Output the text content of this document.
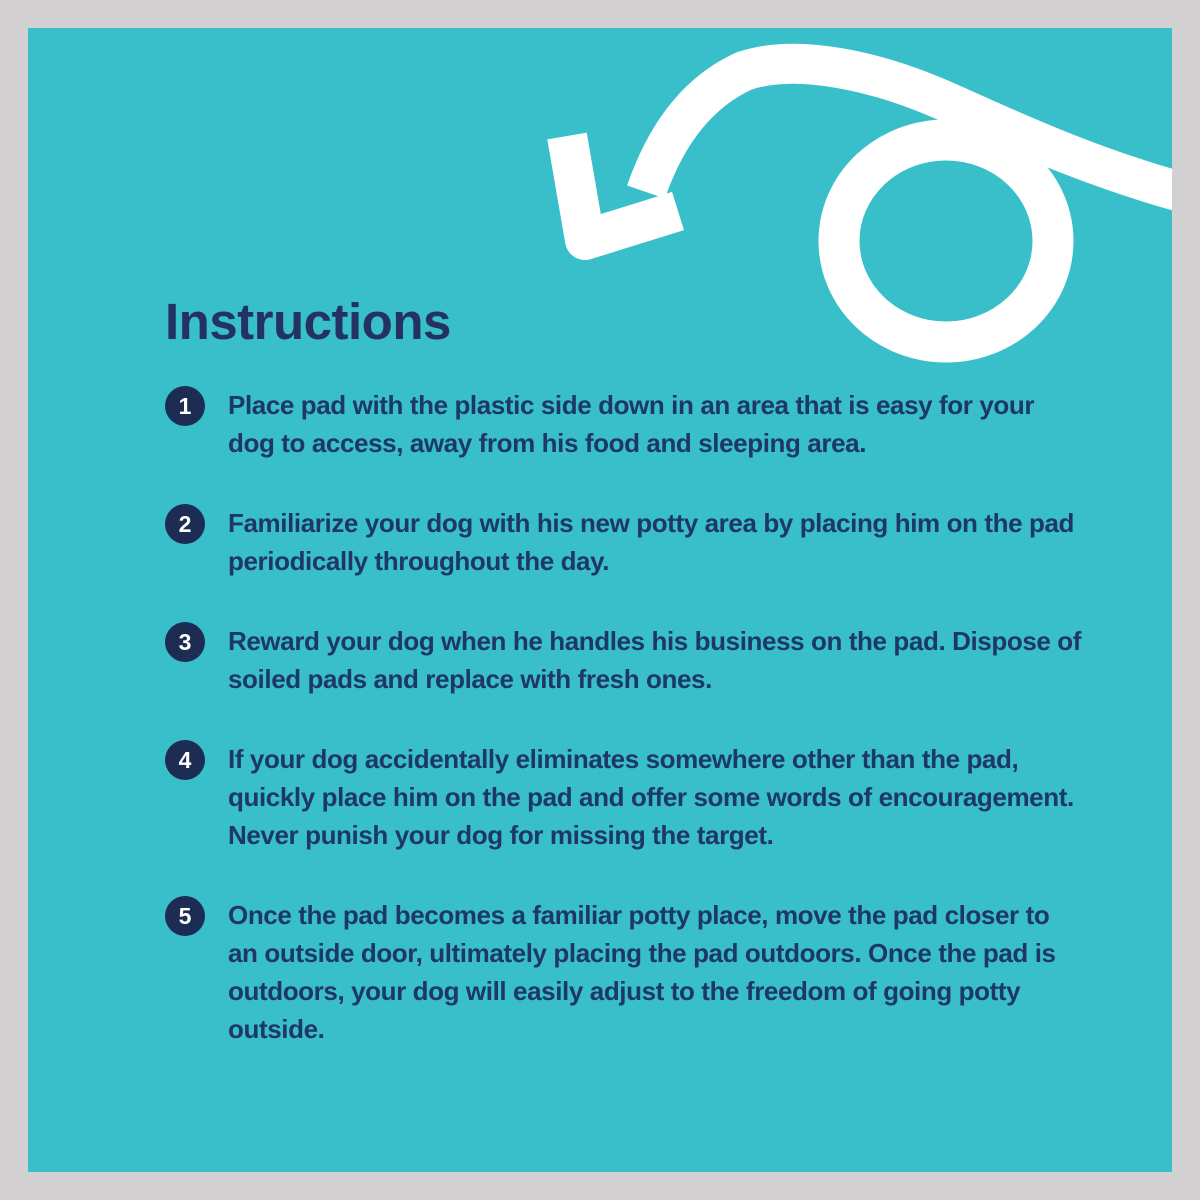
Instructions
1 Place pad with the plastic side down in an area that is easy for your dog to access, away from his food and sleeping area.

2 Familiarize your dog with his new potty area by placing him on the pad periodically throughout the day.

3 Reward your dog when he handles his business on the pad. Dispose of soiled pads and replace with fresh ones.

4 If your dog accidentally eliminates somewhere other than the pad, quickly place him on the pad and offer some words of encouragement. Never punish your dog for missing the target.

5 Once the pad becomes a familiar potty place, move the pad closer to an outside door, ultimately placing the pad outdoors. Once the pad is outdoors, your dog will easily adjust to the freedom of going potty outside.
